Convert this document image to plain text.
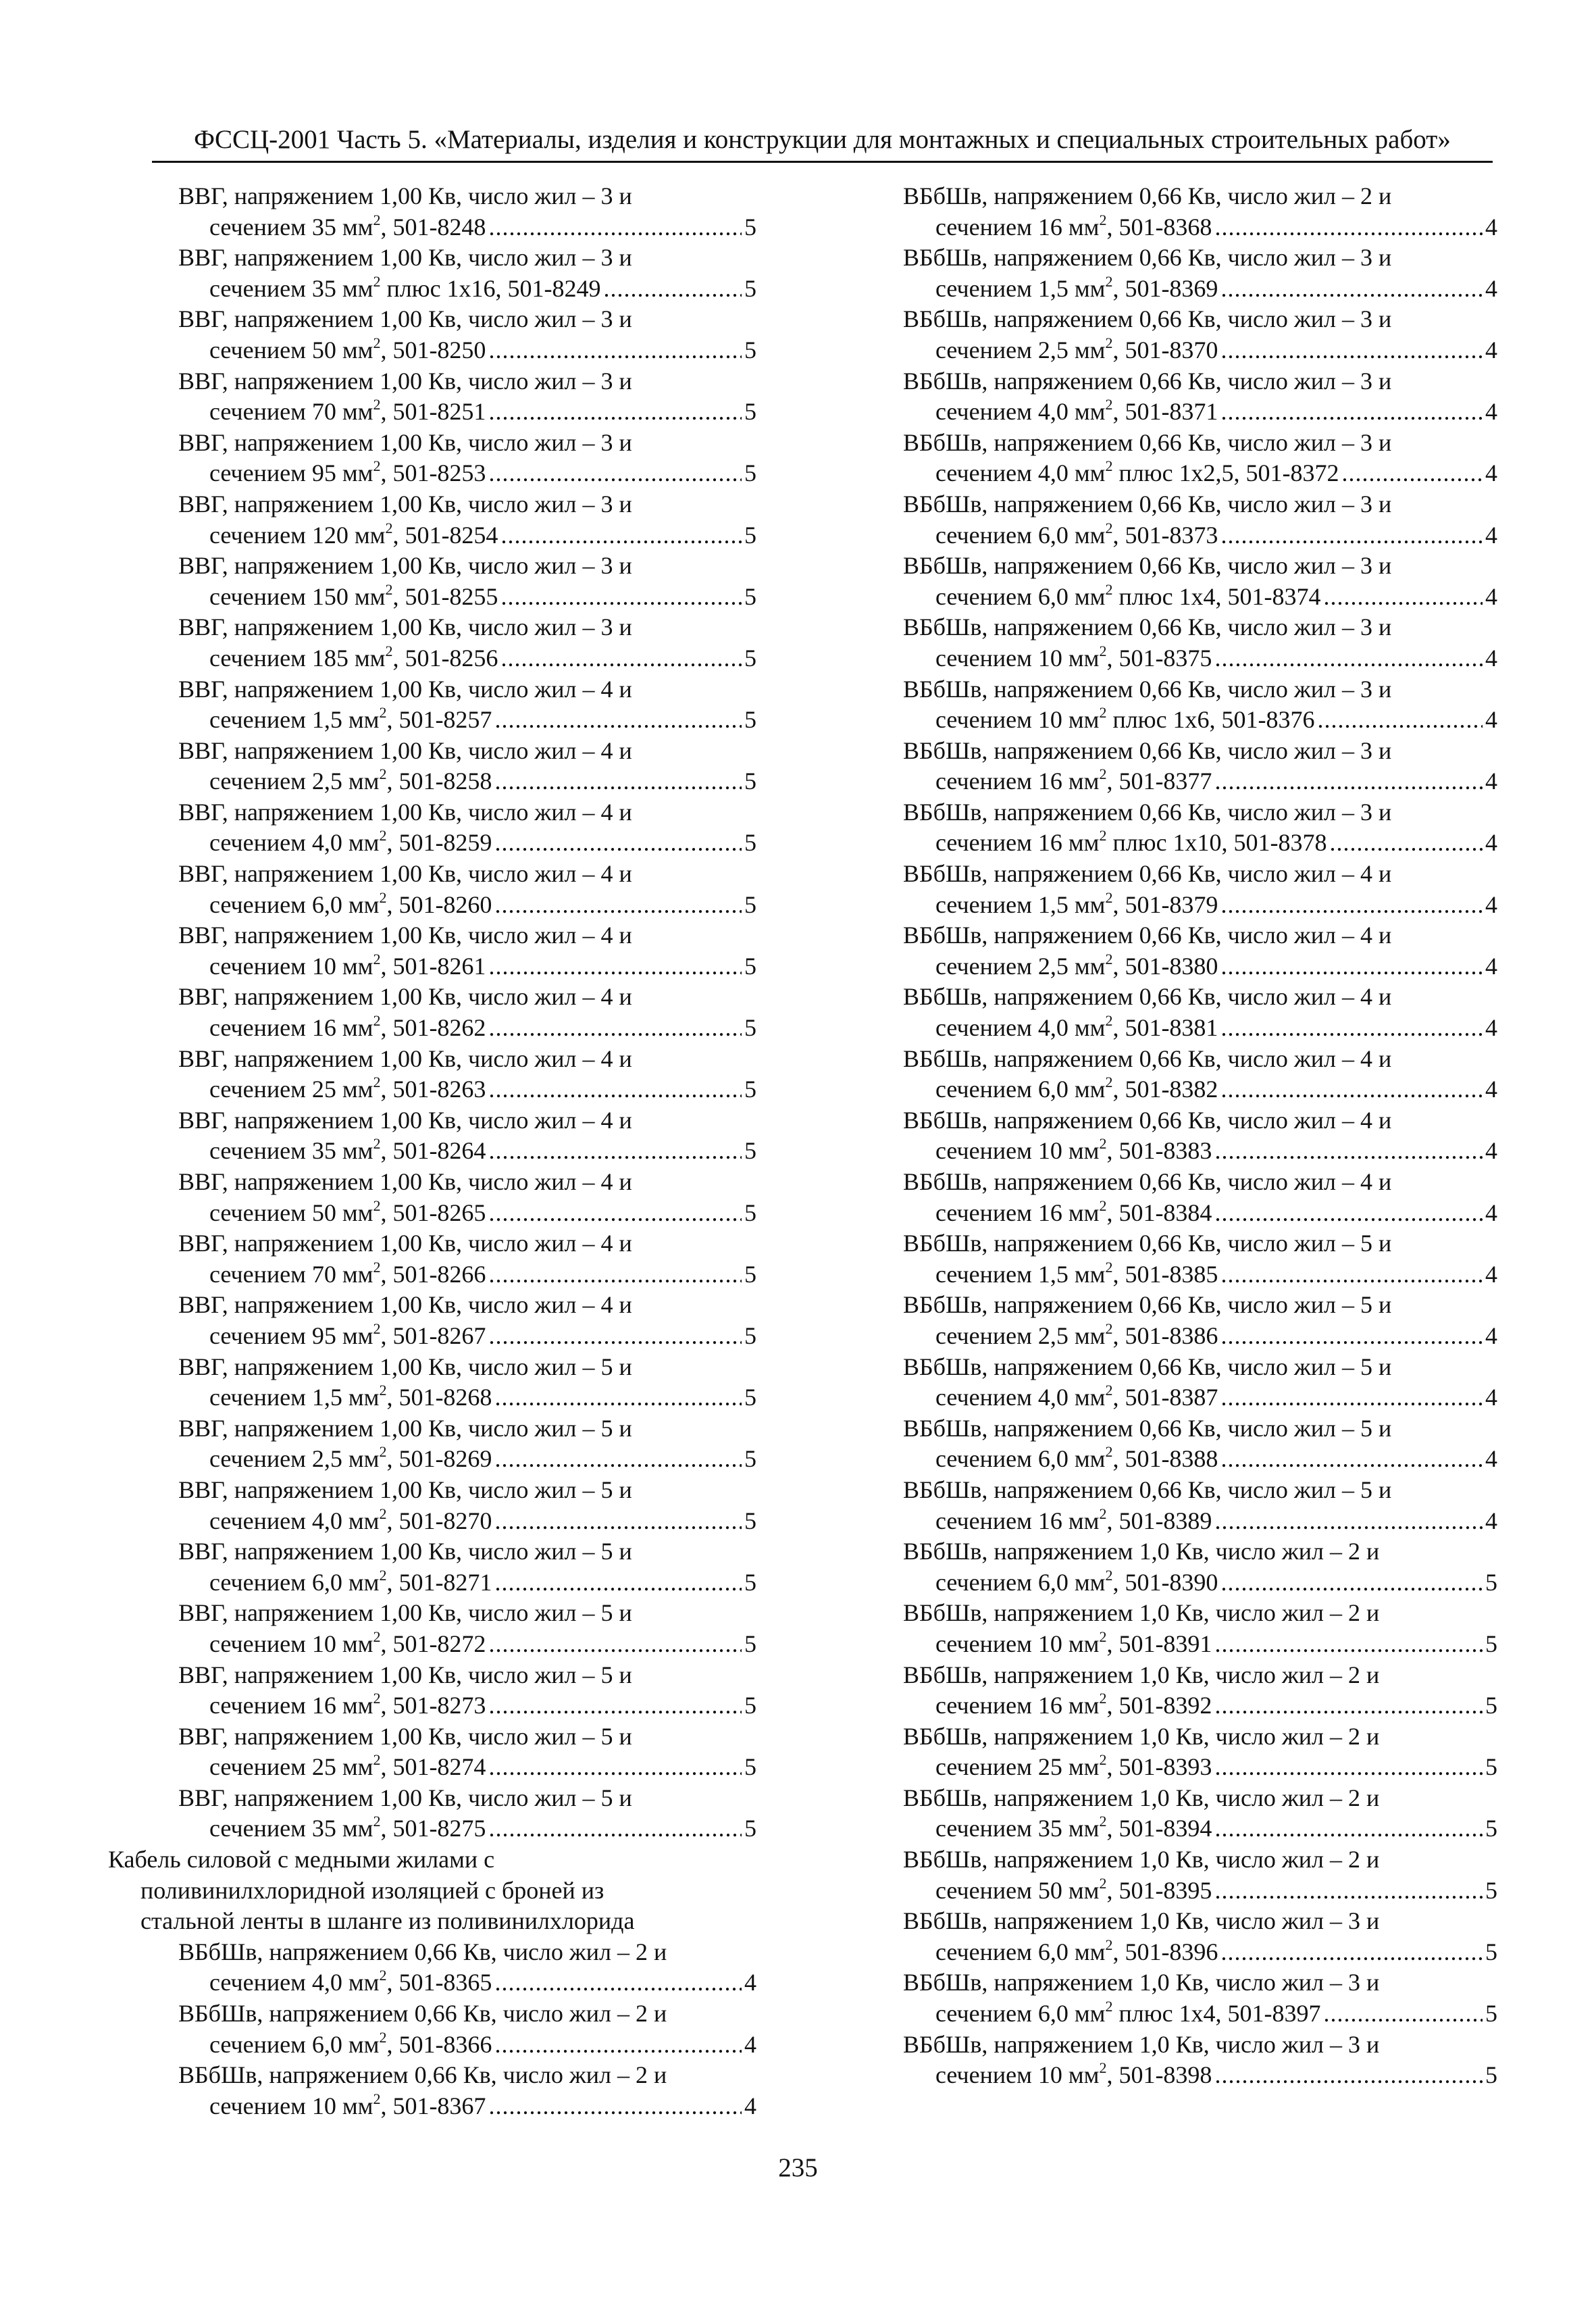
ФССЦ-2001 Часть 5. «Материалы, изделия и конструкции для монтажных и специальных строительных работ»
ВВГ, напряжением 1,00 Кв, число жил – 3 и
сечением 35 $мм^2$, 501-8248 .....	5
ВВГ, напряжением 1,00 Кв, число жил – 3 и
сечением 35 $мм^2$ плюс 1х16, 501-8249 .....	5
ВВГ, напряжением 1,00 Кв, число жил – 3 и
сечением 50 $мм^2$, 501-8250 .....	5
ВВГ, напряжением 1,00 Кв, число жил – 3 и
сечением 70 $мм^2$, 501-8251 .....	5
ВВГ, напряжением 1,00 Кв, число жил – 3 и
сечением 95 $мм^2$, 501-8253 .....	5
ВВГ, напряжением 1,00 Кв, число жил – 3 и
сечением 120 $мм^2$, 501-8254 .....	5
ВВГ, напряжением 1,00 Кв, число жил – 3 и
сечением 150 $мм^2$, 501-8255 .....	5
ВВГ, напряжением 1,00 Кв, число жил – 3 и
сечением 185 $мм^2$, 501-8256 .....	5
ВВГ, напряжением 1,00 Кв, число жил – 4 и
сечением 1,5 $мм^2$, 501-8257 .....	5
ВВГ, напряжением 1,00 Кв, число жил – 4 и
сечением 2,5 $мм^2$, 501-8258 .....	5
ВВГ, напряжением 1,00 Кв, число жил – 4 и
сечением 4,0 $мм^2$, 501-8259 .....	5
ВВГ, напряжением 1,00 Кв, число жил – 4 и
сечением 6,0 $мм^2$, 501-8260 .....	5
ВВГ, напряжением 1,00 Кв, число жил – 4 и
сечением 10 $мм^2$, 501-8261 .....	5
ВВГ, напряжением 1,00 Кв, число жил – 4 и
сечением 16 $мм^2$, 501-8262 .....	5
ВВГ, напряжением 1,00 Кв, число жил – 4 и
сечением 25 $мм^2$, 501-8263 .....	5
ВВГ, напряжением 1,00 Кв, число жил – 4 и
сечением 35 $мм^2$, 501-8264 .....	5
ВВГ, напряжением 1,00 Кв, число жил – 4 и
сечением 50 $мм^2$, 501-8265 .....	5
ВВГ, напряжением 1,00 Кв, число жил – 4 и
сечением 70 $мм^2$, 501-8266 .....	5
ВВГ, напряжением 1,00 Кв, число жил – 4 и
сечением 95 $мм^2$, 501-8267 .....	5
ВВГ, напряжением 1,00 Кв, число жил – 5 и
сечением 1,5 $мм^2$, 501-8268 .....	5
ВВГ, напряжением 1,00 Кв, число жил – 5 и
сечением 2,5 $мм^2$, 501-8269 .....	5
ВВГ, напряжением 1,00 Кв, число жил – 5 и
сечением 4,0 $мм^2$, 501-8270 .....	5
ВВГ, напряжением 1,00 Кв, число жил – 5 и
сечением 6,0 $мм^2$, 501-8271 .....	5
ВВГ, напряжением 1,00 Кв, число жил – 5 и
сечением 10 $мм^2$, 501-8272 .....	5
ВВГ, напряжением 1,00 Кв, число жил – 5 и
сечением 16 $мм^2$, 501-8273 .....	5
ВВГ, напряжением 1,00 Кв, число жил – 5 и
сечением 25 $мм^2$, 501-8274 .....	5
ВВГ, напряжением 1,00 Кв, число жил – 5 и
сечением 35 $мм^2$, 501-8275 .....	5
Кабель силовой с медными жилами с
поливинилхлоридной изоляцией с броней из
стальной ленты в шланге из поливинилхлорида
ВБбШв, напряжением 0,66 Кв, число жил – 2 и
сечением 4,0 $мм^2$, 501-8365 .....	4
ВБбШв, напряжением 0,66 Кв, число жил – 2 и
сечением 6,0 $мм^2$, 501-8366 .....	4
ВБбШв, напряжением 0,66 Кв, число жил – 2 и
сечением 10 $мм^2$, 501-8367 .....	4
ВБбШв, напряжением 0,66 Кв, число жил – 2 и
сечением 16 $мм^2$, 501-8368 .....	4
ВБбШв, напряжением 0,66 Кв, число жил – 3 и
сечением 1,5 $мм^2$, 501-8369 .....	4
ВБбШв, напряжением 0,66 Кв, число жил – 3 и
сечением 2,5 $мм^2$, 501-8370 .....	4
ВБбШв, напряжением 0,66 Кв, число жил – 3 и
сечением 4,0 $мм^2$, 501-8371 .....	4
ВБбШв, напряжением 0,66 Кв, число жил – 3 и
сечением 4,0 $мм^2$ плюс 1х2,5, 501-8372 .....	4
ВБбШв, напряжением 0,66 Кв, число жил – 3 и
сечением 6,0 $мм^2$, 501-8373 .....	4
ВБбШв, напряжением 0,66 Кв, число жил – 3 и
сечением 6,0 $мм^2$ плюс 1х4, 501-8374 .....	4
ВБбШв, напряжением 0,66 Кв, число жил – 3 и
сечением 10 $мм^2$, 501-8375 .....	4
ВБбШв, напряжением 0,66 Кв, число жил – 3 и
сечением 10 $мм^2$ плюс 1х6, 501-8376 .....	4
ВБбШв, напряжением 0,66 Кв, число жил – 3 и
сечением 16 $мм^2$, 501-8377 .....	4
ВБбШв, напряжением 0,66 Кв, число жил – 3 и
сечением 16 $мм^2$ плюс 1х10, 501-8378 .....	4
ВБбШв, напряжением 0,66 Кв, число жил – 4 и
сечением 1,5 $мм^2$, 501-8379 .....	4
ВБбШв, напряжением 0,66 Кв, число жил – 4 и
сечением 2,5 $мм^2$, 501-8380 .....	4
ВБбШв, напряжением 0,66 Кв, число жил – 4 и
сечением 4,0 $мм^2$, 501-8381 .....	4
ВБбШв, напряжением 0,66 Кв, число жил – 4 и
сечением 6,0 $мм^2$, 501-8382 .....	4
ВБбШв, напряжением 0,66 Кв, число жил – 4 и
сечением 10 $мм^2$, 501-8383 .....	4
ВБбШв, напряжением 0,66 Кв, число жил – 4 и
сечением 16 $мм^2$, 501-8384 .....	4
ВБбШв, напряжением 0,66 Кв, число жил – 5 и
сечением 1,5 $мм^2$, 501-8385 .....	4
ВБбШв, напряжением 0,66 Кв, число жил – 5 и
сечением 2,5 $мм^2$, 501-8386 .....	4
ВБбШв, напряжением 0,66 Кв, число жил – 5 и
сечением 4,0 $мм^2$, 501-8387 .....	4
ВБбШв, напряжением 0,66 Кв, число жил – 5 и
сечением 6,0 $мм^2$, 501-8388 .....	4
ВБбШв, напряжением 0,66 Кв, число жил – 5 и
сечением 16 $мм^2$, 501-8389 .....	4
ВБбШв, напряжением 1,0 Кв, число жил – 2 и
сечением 6,0 $мм^2$, 501-8390 .....	5
ВБбШв, напряжением 1,0 Кв, число жил – 2 и
сечением 10 $мм^2$, 501-8391 .....	5
ВБбШв, напряжением 1,0 Кв, число жил – 2 и
сечением 16 $мм^2$, 501-8392 .....	5
ВБбШв, напряжением 1,0 Кв, число жил – 2 и
сечением 25 $мм^2$, 501-8393 .....	5
ВБбШв, напряжением 1,0 Кв, число жил – 2 и
сечением 35 $мм^2$, 501-8394 .....	5
ВБбШв, напряжением 1,0 Кв, число жил – 2 и
сечением 50 $мм^2$, 501-8395 .....	5
ВБбШв, напряжением 1,0 Кв, число жил – 3 и
сечением 6,0 $мм^2$, 501-8396 .....	5
ВБбШв, напряжением 1,0 Кв, число жил – 3 и
сечением 6,0 $мм^2$ плюс 1х4, 501-8397 .....	5
ВБбШв, напряжением 1,0 Кв, число жил – 3 и
сечением 10 $мм^2$, 501-8398 .....	5
235
